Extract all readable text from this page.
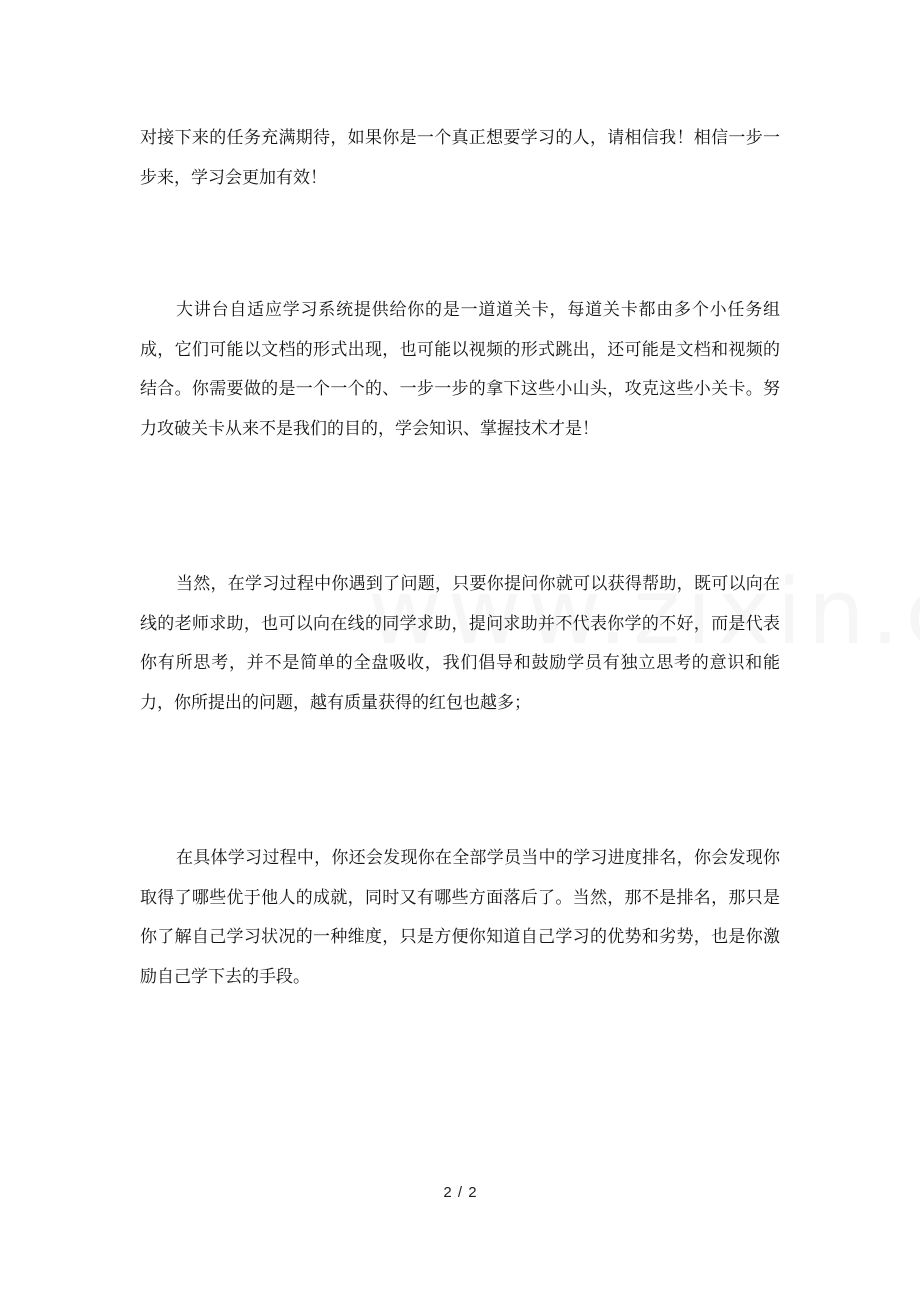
对接下来的任务充满期待，如果你是一个真正想要学习的人，请相信我！相信一步一步来，学习会更加有效！

大讲台自适应学习系统提供给你的是一道道关卡，每道关卡都由多个小任务组成，它们可能以文档的形式出现，也可能以视频的形式跳出，还可能是文档和视频的结合。你需要做的是一个一个的、一步一步的拿下这些小山头，攻克这些小关卡。努力攻破关卡从来不是我们的目的，学会知识、掌握技术才是！

当然，在学习过程中你遇到了问题，只要你提问你就可以获得帮助，既可以向在线的老师求助，也可以向在线的同学求助，提问求助并不代表你学的不好，而是代表你有所思考，并不是简单的全盘吸收，我们倡导和鼓励学员有独立思考的意识和能力，你所提出的问题，越有质量获得的红包也越多；

在具体学习过程中，你还会发现你在全部学员当中的学习进度排名，你会发现你取得了哪些优于他人的成就，同时又有哪些方面落后了。当然，那不是排名，那只是你了解自己学习状况的一种维度，只是方便你知道自己学习的优势和劣势，也是你激励自己学下去的手段。

2 / 2
